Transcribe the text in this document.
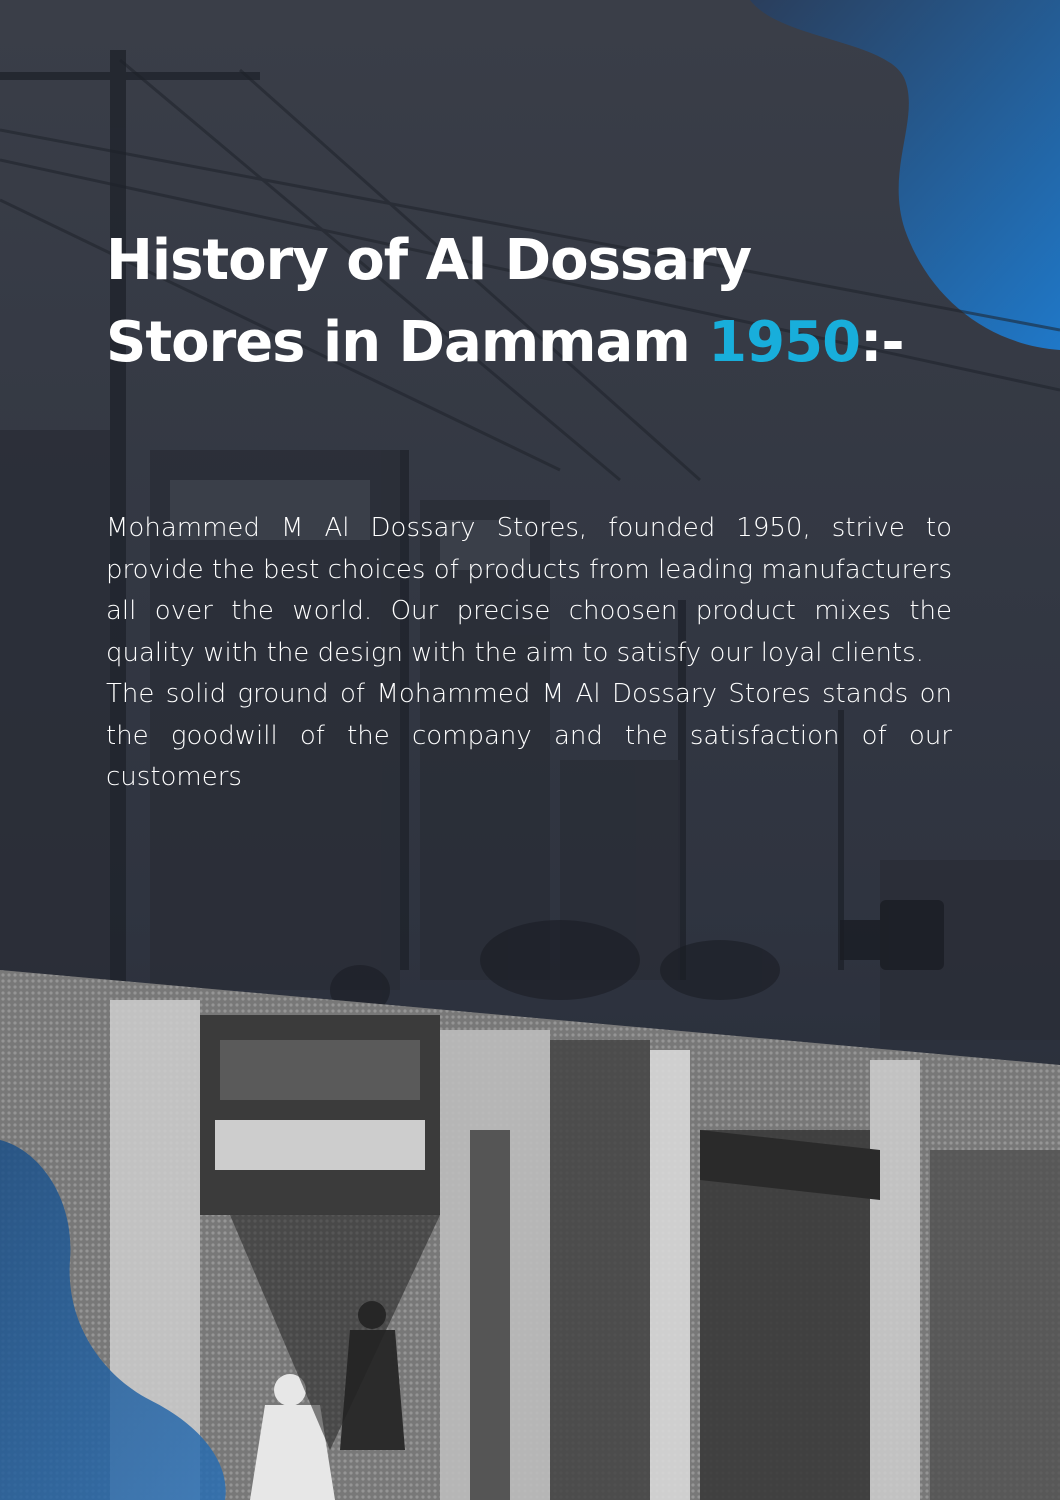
History of Al Dossary
Stores in Dammam 1950:-

Mohammed M Al Dossary Stores, founded 1950, strive to provide the best choices of products from leading manufacturers all over the world. Our precise choosen product mixes the quality with the design with the aim to satisfy our loyal clients.

The solid ground of Mohammed M Al Dossary Stores stands on the goodwill of the company and the satisfaction of our customers
